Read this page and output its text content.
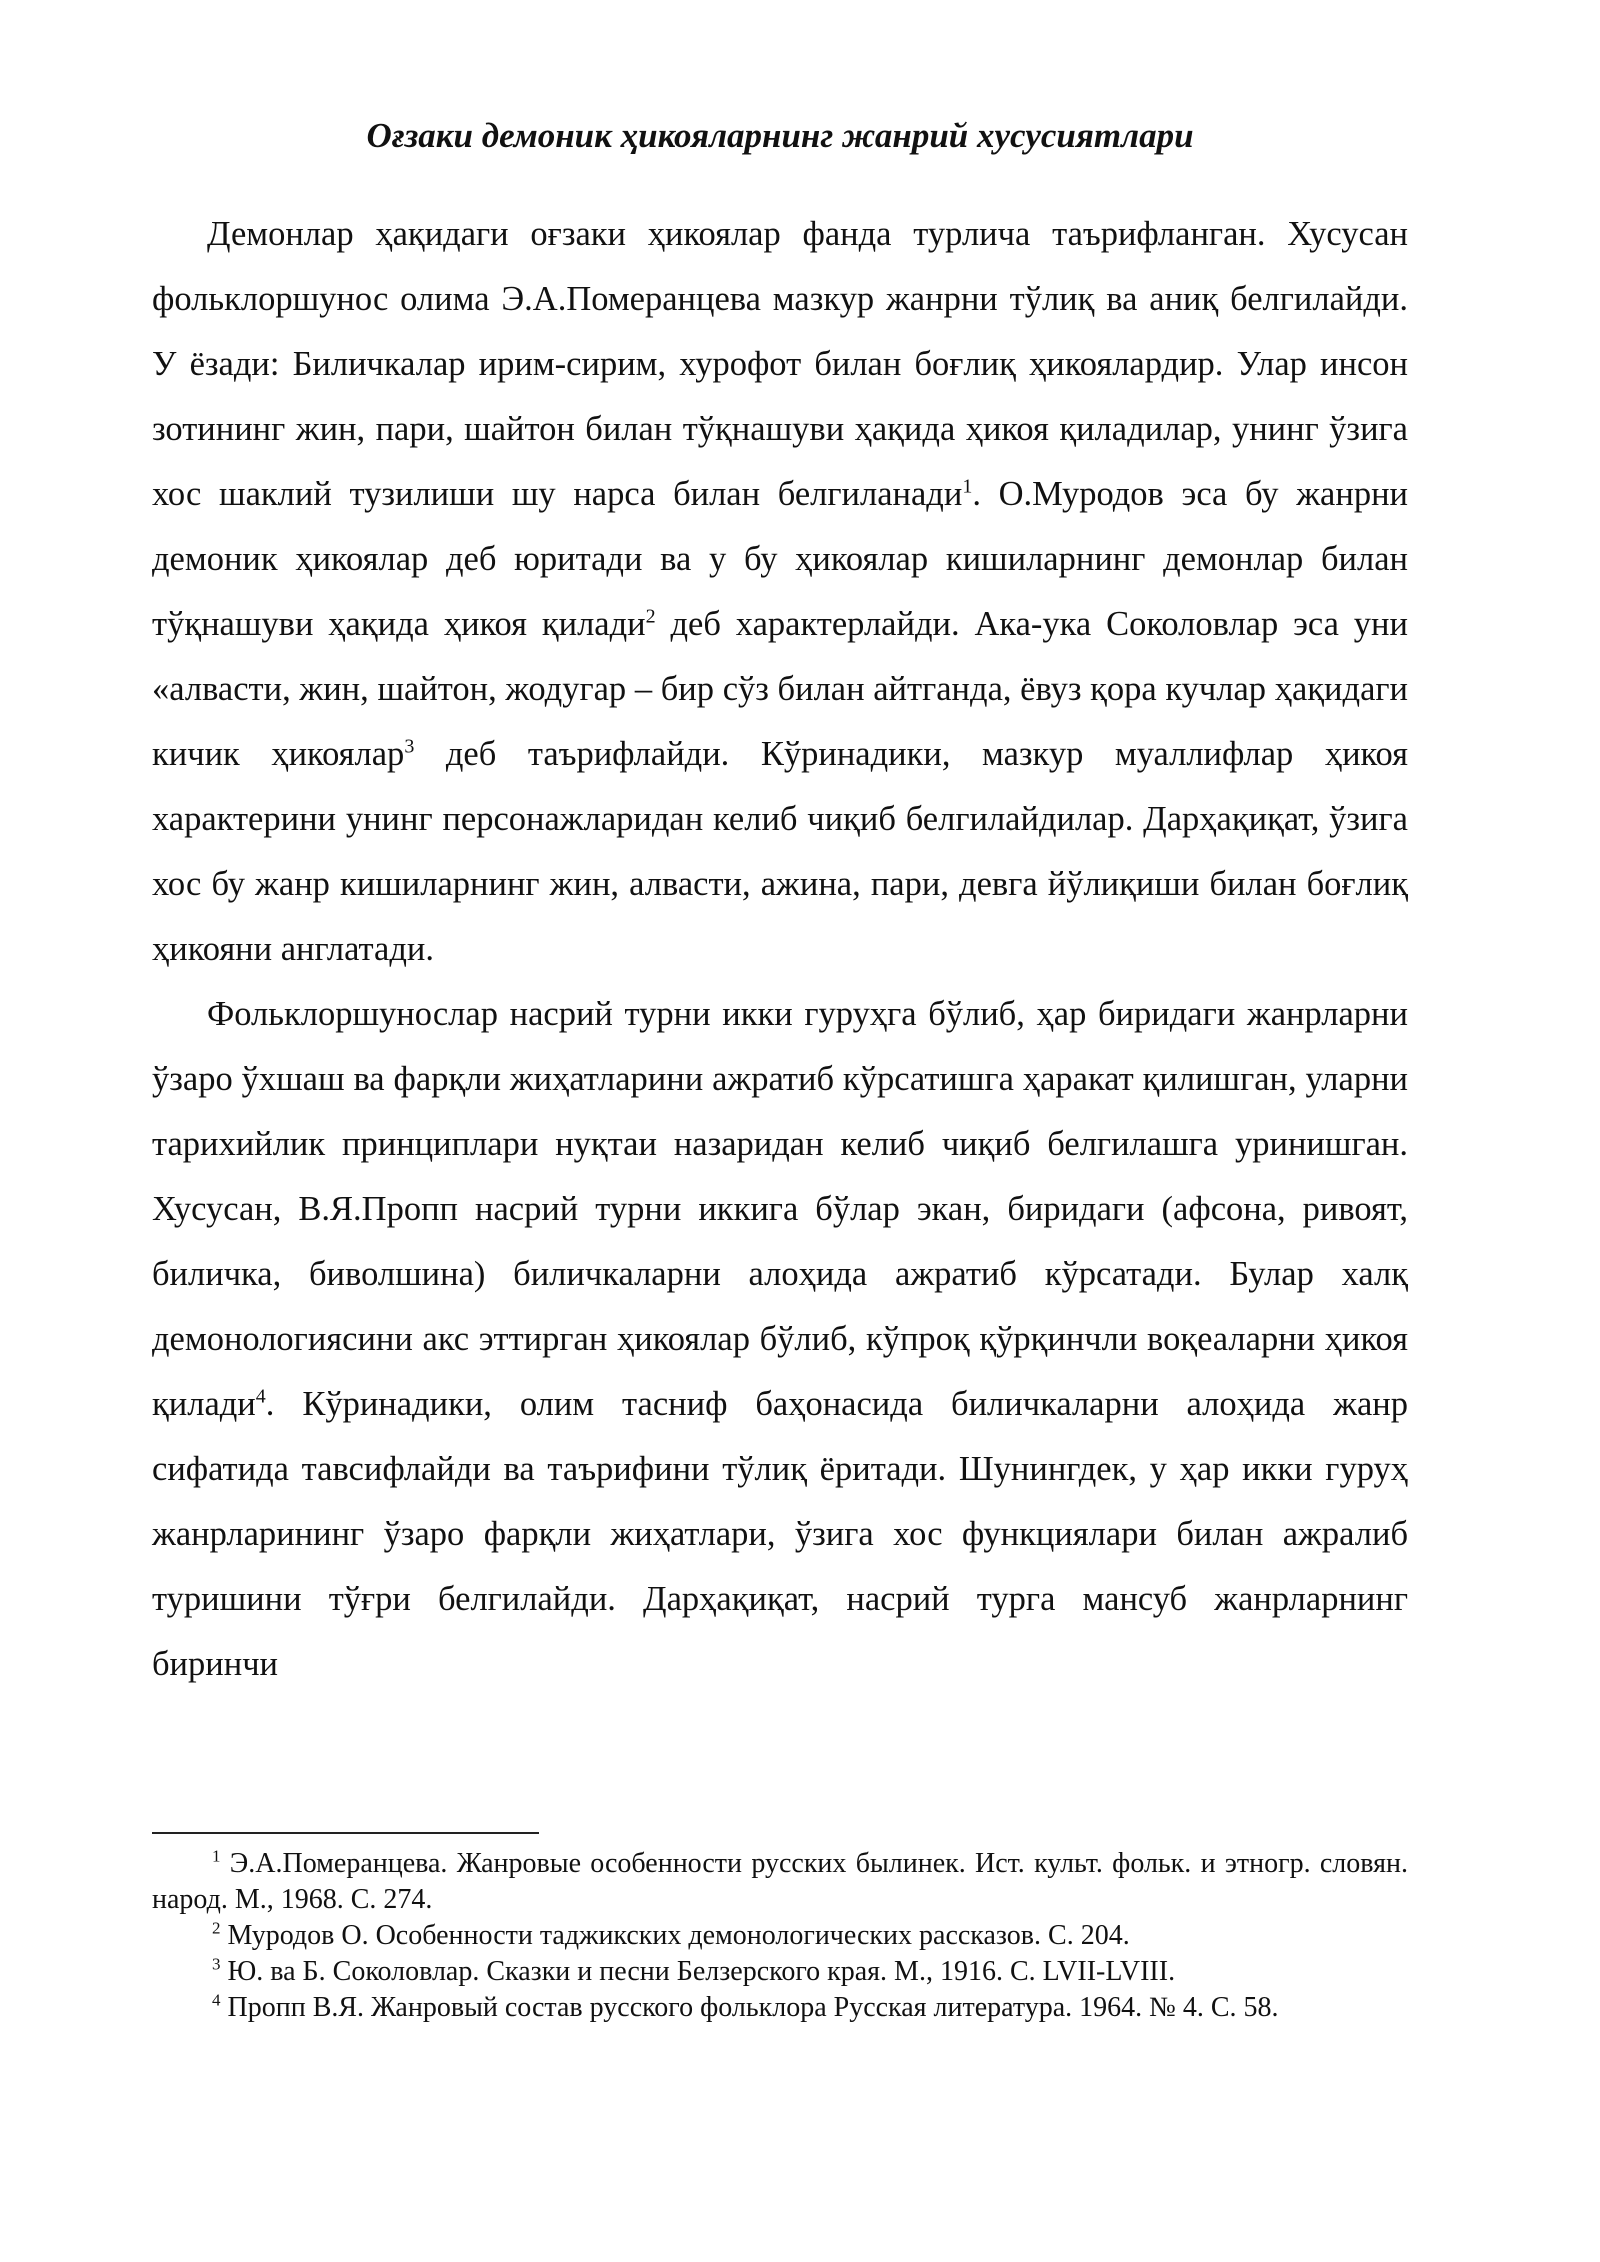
Оғзаки демоник ҳикояларнинг жанрий хусусиятлари

Демонлар ҳақидаги оғзаки ҳикоялар фанда турлича таърифланган. Хусусан фольклоршунос олима Э.А.Померанцева мазкур жанрни тўлиқ ва аниқ белгилайди. У ёзади: Биличкалар ирим-сирим, хурофот билан боғлиқ ҳикоялардир. Улар инсон зотининг жин, пари, шайтон билан тўқнашуви ҳақида ҳикоя қиладилар, унинг ўзига хос шаклий тузилиши шу нарса билан белгиланади$^1$. О.Муродов эса бу жанрни демоник ҳикоялар деб юритади ва у бу ҳикоялар кишиларнинг демонлар билан тўқнашуви ҳақида ҳикоя қилади$^2$ деб характерлайди. Ака-ука Соколовлар эса уни «алвасти, жин, шайтон, жодугар – бир сўз билан айтганда, ёвуз қора кучлар ҳақидаги кичик ҳикоялар$^3$ деб таърифлайди. Кўринадики, мазкур муаллифлар ҳикоя характерини унинг персонажларидан келиб чиқиб белгилайдилар. Дарҳақиқат, ўзига хос бу жанр кишиларнинг жин, алвасти, ажина, пари, девга йўлиқиши билан боғлиқ ҳикояни англатади.

Фольклоршунослар насрий турни икки гуруҳга бўлиб, ҳар биридаги жанрларни ўзаро ўхшаш ва фарқли жиҳатларини ажратиб кўрсатишга ҳаракат қилишган, уларни тарихийлик принциплари нуқтаи назаридан келиб чиқиб белгилашга уринишган. Хусусан, В.Я.Пропп насрий турни иккига бўлар экан, биридаги (афсона, ривоят, биличка, биволшина) биличкаларни алоҳида ажратиб кўрсатади. Булар халқ демонологиясини акс эттирган ҳикоялар бўлиб, кўпроқ қўрқинчли воқеаларни ҳикоя қилади$^4$. Кўринадики, олим тасниф баҳонасида биличкаларни алоҳида жанр сифатида тавсифлайди ва таърифини тўлиқ ёритади. Шунингдек, у ҳар икки гуруҳ жанрларининг ўзаро фарқли жиҳатлари, ўзига хос функциялари билан ажралиб туришини тўғри белгилайди. Дарҳақиқат, насрий турга мансуб жанрларнинг биринчи

$^1$ Э.А.Померанцева. Жанровые особенности русских былинек. Ист. культ. фольк. и этногр. словян. народ. М., 1968. С. 274.

$^2$ Муродов О. Особенности таджикских демонологических рассказов. С. 204.

$^3$ Ю. ва Б. Соколовлар. Сказки и песни Белзерского края. М., 1916. С. LVII-LVIII.

$^4$ Пропп В.Я. Жанровый состав русского фольклора Русская литература. 1964. № 4. С. 58.
